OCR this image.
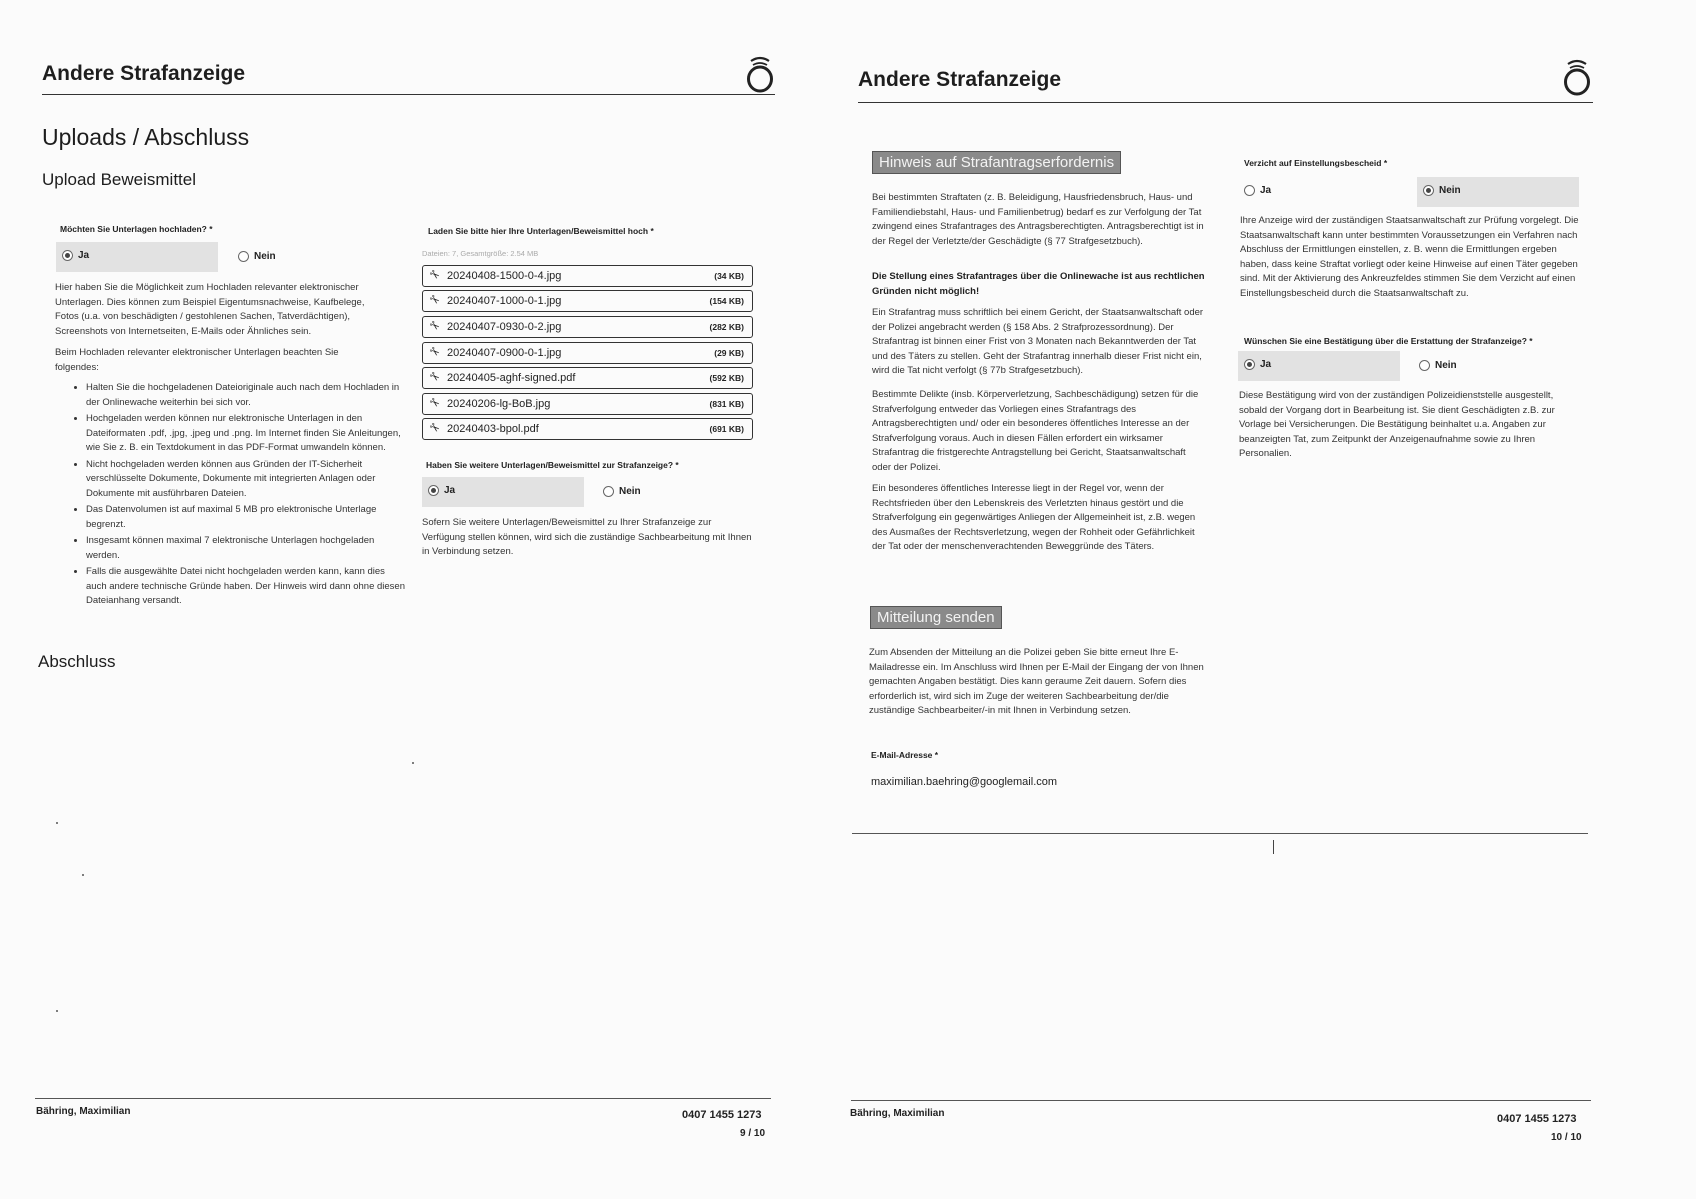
Andere Strafanzeige
Uploads / Abschluss
Upload Beweismittel
Möchten Sie Unterlagen hochladen? *
Ja	Nein
Hier haben Sie die Möglichkeit zum Hochladen relevanter elektronischer Unterlagen. Dies können zum Beispiel Eigentumsnachweise, Kaufbelege, Fotos (u.a. von beschädigten / gestohlenen Sachen, Tatverdächtigen), Screenshots von Internetseiten, E-Mails oder Ähnliches sein.
Beim Hochladen relevanter elektronischer Unterlagen beachten Sie folgendes:
• Halten Sie die hochgeladenen Dateioriginale auch nach dem Hochladen in der Onlinewache weiterhin bei sich vor.
• Hochgeladen werden können nur elektronische Unterlagen in den Dateiformaten .pdf, .jpg, .jpeg und .png. Im Internet finden Sie Anleitungen, wie Sie z. B. ein Textdokument in das PDF-Format umwandeln können.
• Nicht hochgeladen werden können aus Gründen der IT-Sicherheit verschlüsselte Dokumente, Dokumente mit integrierten Anlagen oder Dokumente mit ausführbaren Dateien.
• Das Datenvolumen ist auf maximal 5 MB pro elektronische Unterlage begrenzt.
• Insgesamt können maximal 7 elektronische Unterlagen hochgeladen werden.
• Falls die ausgewählte Datei nicht hochgeladen werden kann, kann dies auch andere technische Gründe haben. Der Hinweis wird dann ohne diesen Dateianhang versandt.
Laden Sie bitte hier Ihre Unterlagen/Beweismittel hoch *
Dateien: 7, Gesamtgröße: 2.54 MB
✂ 20240408-1500-0-4.jpg	(34 KB)
✂ 20240407-1000-0-1.jpg	(154 KB)
✂ 20240407-0930-0-2.jpg	(282 KB)
✂ 20240407-0900-0-1.jpg	(29 KB)
✂ 20240405-aghf-signed.pdf	(592 KB)
✂ 20240206-lg-BoB.jpg	(831 KB)
✂ 20240403-bpol.pdf	(691 KB)
Haben Sie weitere Unterlagen/Beweismittel zur Strafanzeige? *
Ja	Nein
Sofern Sie weitere Unterlagen/Beweismittel zu Ihrer Strafanzeige zur Verfügung stellen können, wird sich die zuständige Sachbearbeitung mit Ihnen in Verbindung setzen.
Abschluss
Bähring, Maximilian	0407 1455 1273
9 / 10
Andere Strafanzeige
Hinweis auf Strafantragserfordernis
Bei bestimmten Straftaten (z. B. Beleidigung, Hausfriedensbruch, Haus- und Familiendiebstahl, Haus- und Familienbetrug) bedarf es zur Verfolgung der Tat zwingend eines Strafantrages des Antragsberechtigten. Antragsberechtigt ist in der Regel der Verletzte/der Geschädigte (§ 77 Strafgesetzbuch).
Die Stellung eines Strafantrages über die Onlinewache ist aus rechtlichen Gründen nicht möglich!
Ein Strafantrag muss schriftlich bei einem Gericht, der Staatsanwaltschaft oder der Polizei angebracht werden (§ 158 Abs. 2 Strafprozessordnung). Der Strafantrag ist binnen einer Frist von 3 Monaten nach Bekanntwerden der Tat und des Täters zu stellen. Geht der Strafantrag innerhalb dieser Frist nicht ein, wird die Tat nicht verfolgt (§ 77b Strafgesetzbuch).
Bestimmte Delikte (insb. Körperverletzung, Sachbeschädigung) setzen für die Strafverfolgung entweder das Vorliegen eines Strafantrags des Antragsberechtigten und/ oder ein besonderes öffentliches Interesse an der Strafverfolgung voraus. Auch in diesen Fällen erfordert ein wirksamer Strafantrag die fristgerechte Antragstellung bei Gericht, Staatsanwaltschaft oder der Polizei.
Ein besonderes öffentliches Interesse liegt in der Regel vor, wenn der Rechtsfrieden über den Lebenskreis des Verletzten hinaus gestört und die Strafverfolgung ein gegenwärtiges Anliegen der Allgemeinheit ist, z.B. wegen des Ausmaßes der Rechtsverletzung, wegen der Rohheit oder Gefährlichkeit der Tat oder der menschenverachtenden Beweggründe des Täters.
Mitteilung senden
Zum Absenden der Mitteilung an die Polizei geben Sie bitte erneut Ihre E-Mailadresse ein. Im Anschluss wird Ihnen per E-Mail der Eingang der von Ihnen gemachten Angaben bestätigt. Dies kann geraume Zeit dauern. Sofern dies erforderlich ist, wird sich im Zuge der weiteren Sachbearbeitung der/die zuständige Sachbearbeiter/-in mit Ihnen in Verbindung setzen.
E-Mail-Adresse *
maximilian.baehring@googlemail.com
Verzicht auf Einstellungsbescheid *
Ja	Nein
Ihre Anzeige wird der zuständigen Staatsanwaltschaft zur Prüfung vorgelegt. Die Staatsanwaltschaft kann unter bestimmten Voraussetzungen ein Verfahren nach Abschluss der Ermittlungen einstellen, z. B. wenn die Ermittlungen ergeben haben, dass keine Straftat vorliegt oder keine Hinweise auf einen Täter gegeben sind. Mit der Aktivierung des Ankreuzfeldes stimmen Sie dem Verzicht auf einen Einstellungsbescheid durch die Staatsanwaltschaft zu.
Wünschen Sie eine Bestätigung über die Erstattung der Strafanzeige? *
Ja	Nein
Diese Bestätigung wird von der zuständigen Polizeidienststelle ausgestellt, sobald der Vorgang dort in Bearbeitung ist. Sie dient Geschädigten z.B. zur Vorlage bei Versicherungen. Die Bestätigung beinhaltet u.a. Angaben zur beanzeigten Tat, zum Zeitpunkt der Anzeigenaufnahme sowie zu Ihren Personalien.
Bähring, Maximilian	0407 1455 1273
10 / 10
